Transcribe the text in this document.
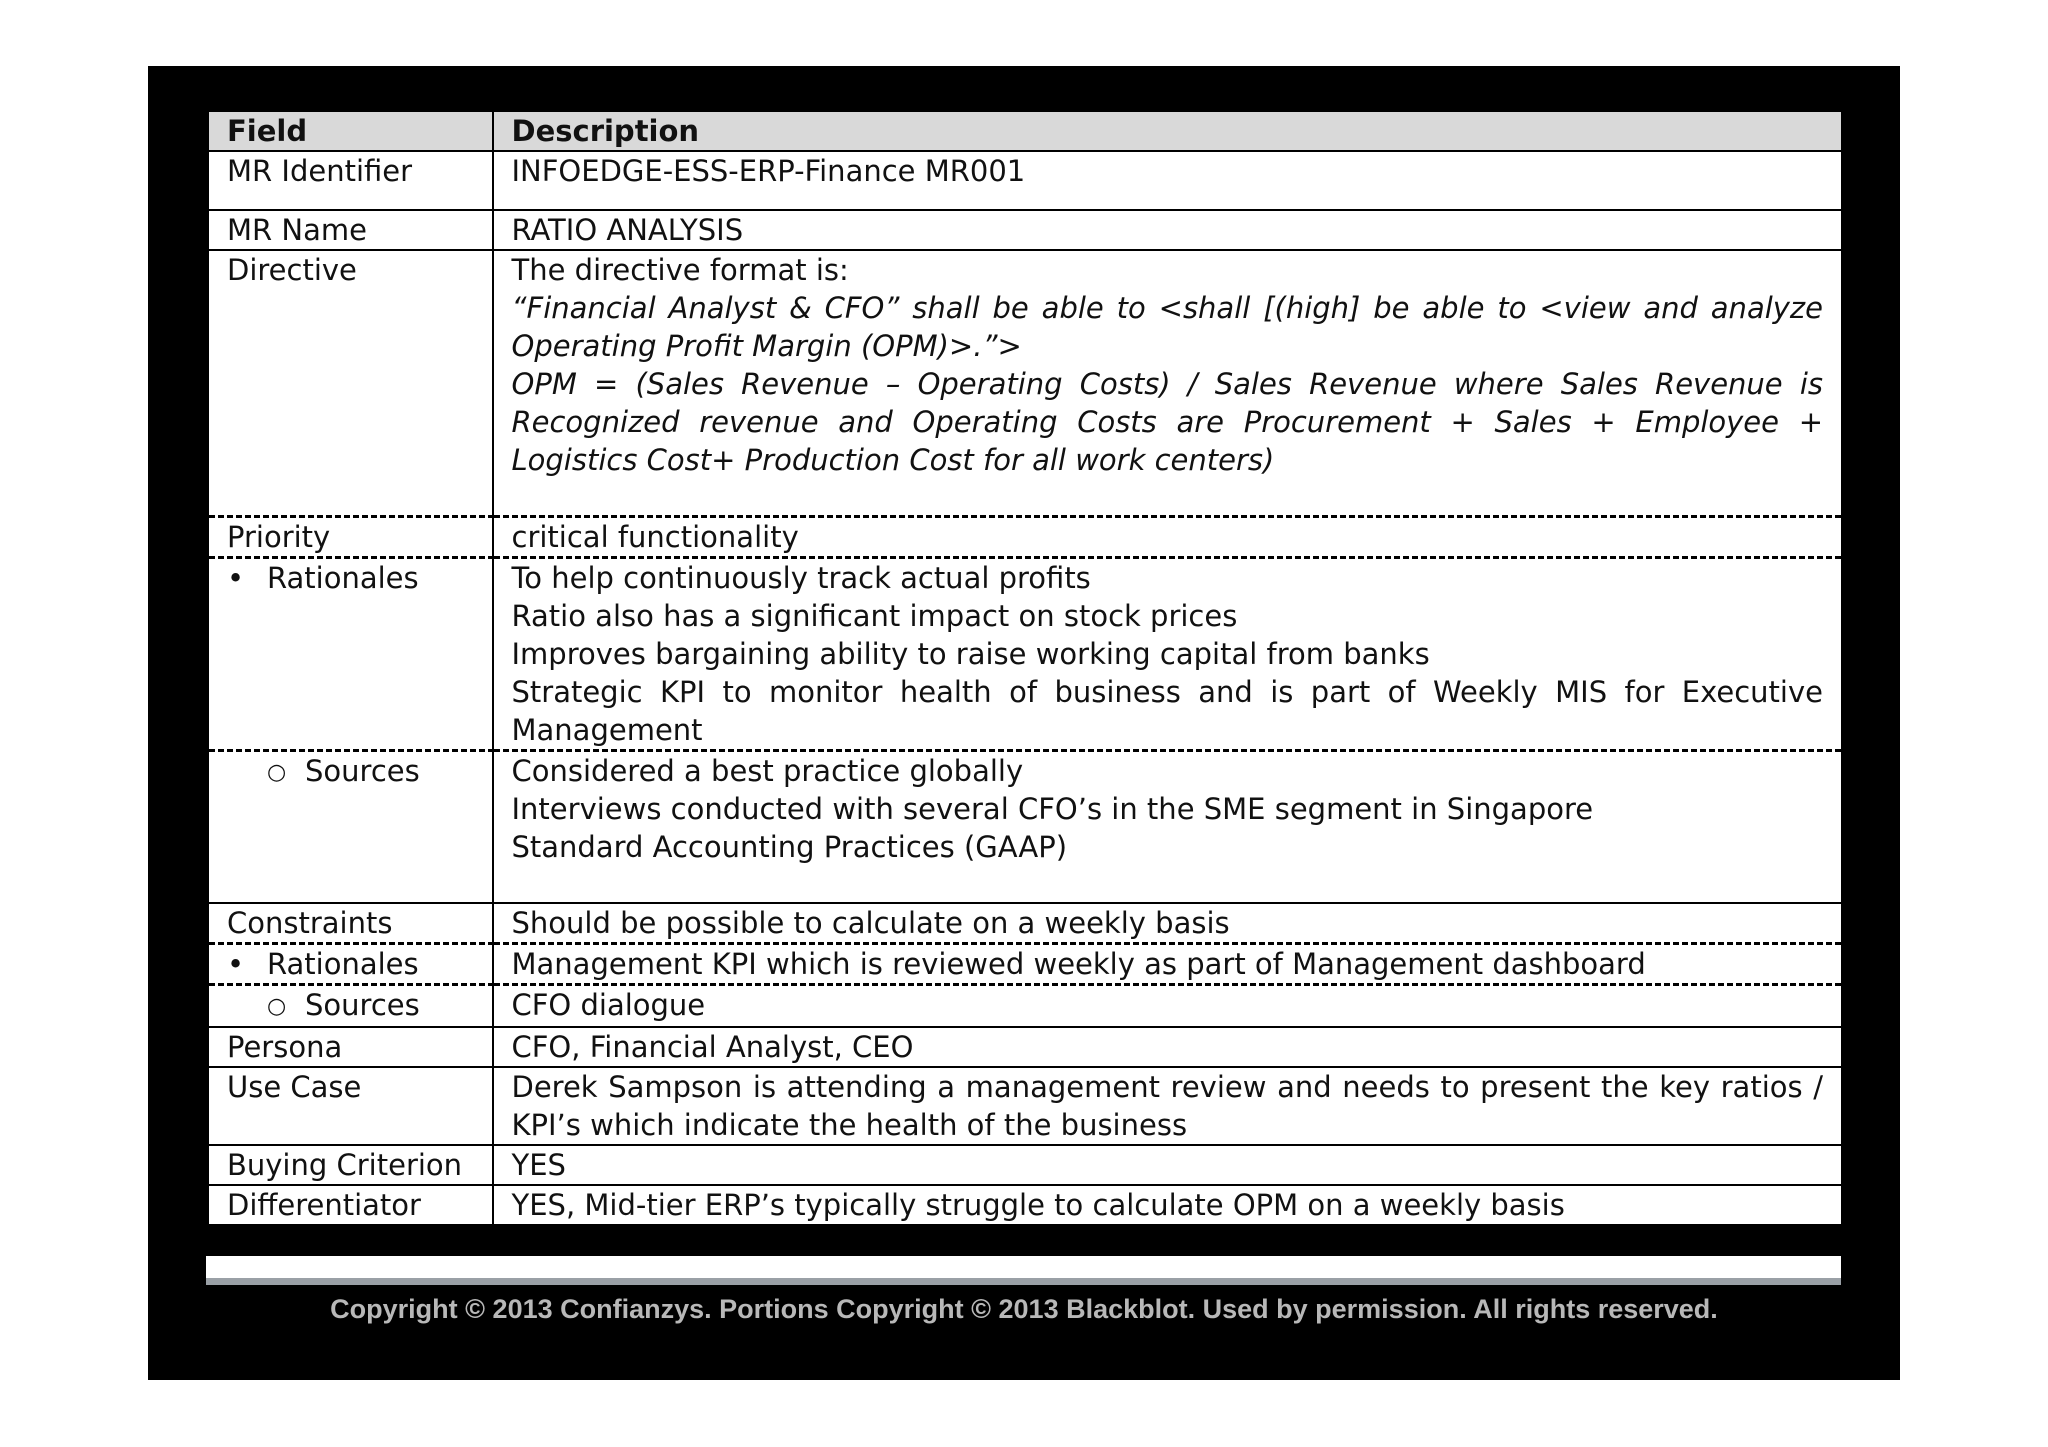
Field	Description
MR Identifier	INFOEDGE-ESS-ERP-Finance MR001

MR Name	RATIO ANALYSIS

Directive	The directive format is:
“Financial Analyst & CFO” shall be able to <shall [(high] be able to <view and analyze Operating Profit Margin (OPM)>.”>
OPM = (Sales Revenue – Operating Costs) / Sales Revenue where Sales Revenue is Recognized revenue and Operating Costs are Procurement + Sales + Employee + Logistics Cost+ Production Cost for all work centers)

Priority	critical functionality

• Rationales	To help continuously track actual profits
Ratio also has a significant impact on stock prices
Improves bargaining ability to raise working capital from banks
Strategic KPI to monitor health of business and is part of Weekly MIS for Executive Management

○ Sources	Considered a best practice globally
Interviews conducted with several CFO’s in the SME segment in Singapore
Standard Accounting Practices (GAAP)

Constraints	Should be possible to calculate on a weekly basis

• Rationales	Management KPI which is reviewed weekly as part of Management dashboard

○ Sources	CFO dialogue

Persona	CFO, Financial Analyst, CEO

Use Case	Derek Sampson is attending a management review and needs to present the key ratios / KPI’s which indicate the health of the business

Buying Criterion	YES

Differentiator	YES, Mid-tier ERP’s typically struggle to calculate OPM on a weekly basis
Copyright © 2013 Confianzys. Portions Copyright © 2013 Blackblot. Used by permission. All rights reserved.
